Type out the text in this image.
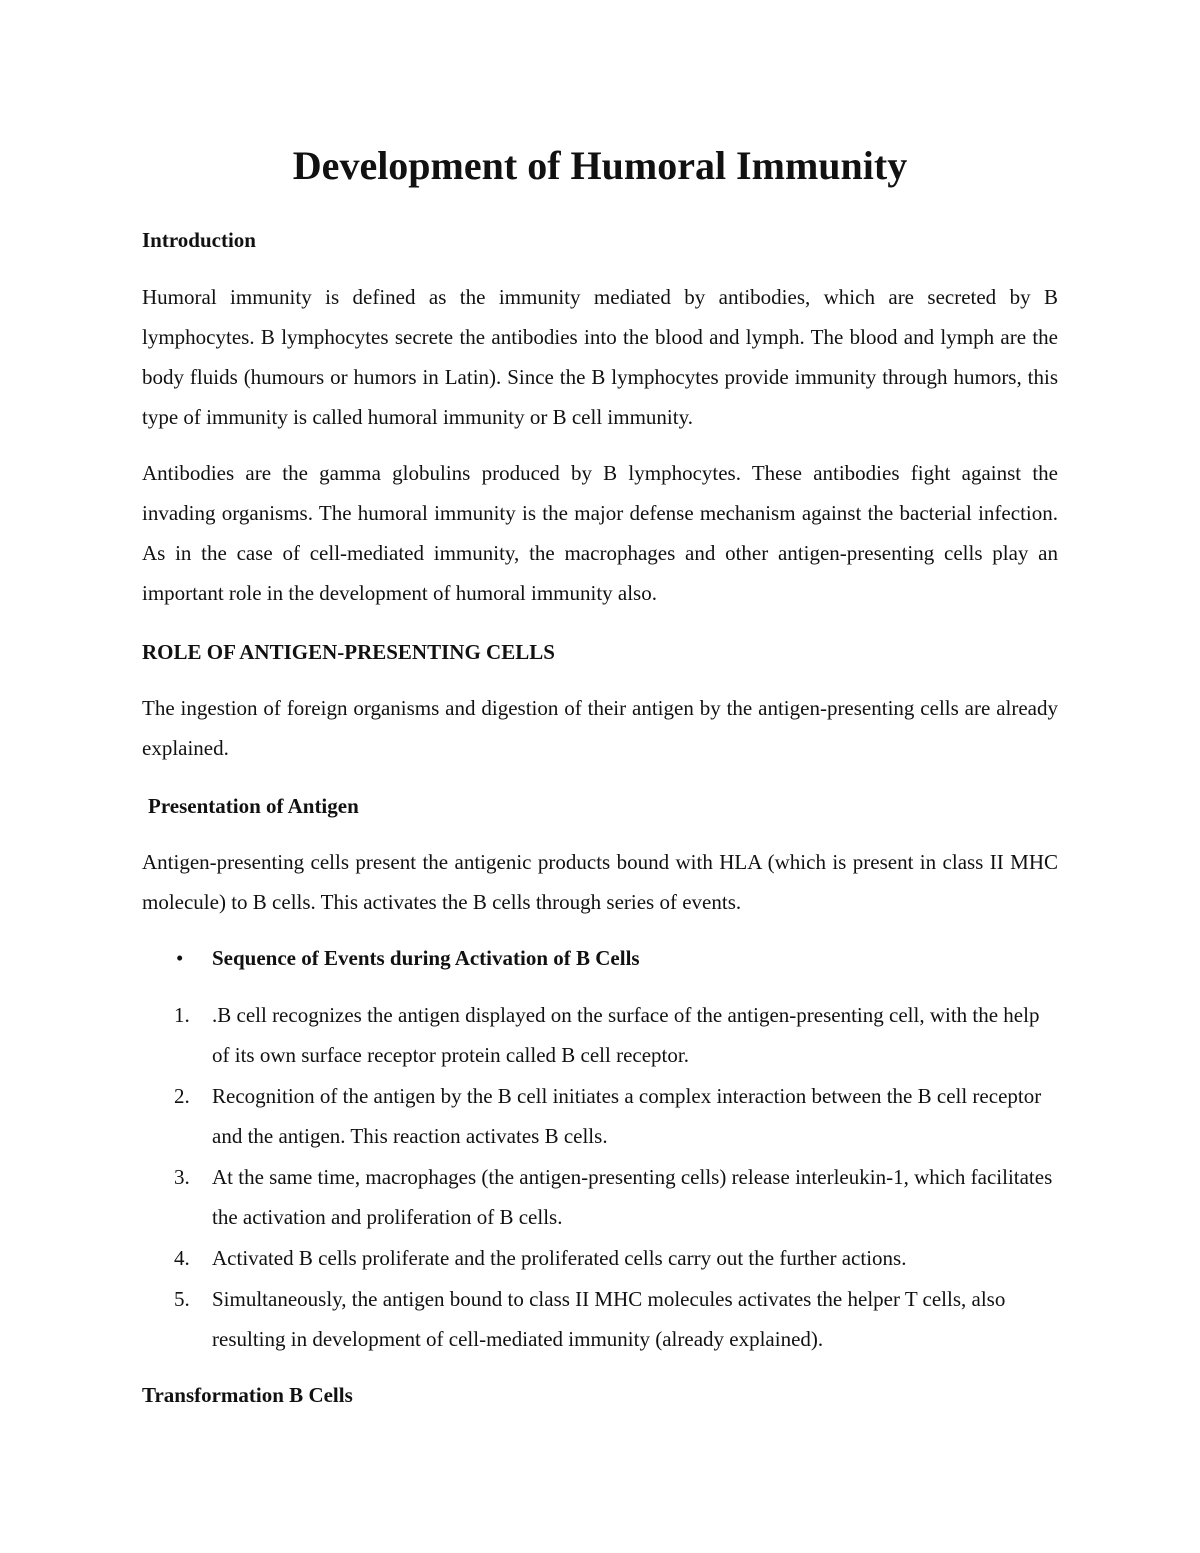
Development of Humoral Immunity
Introduction

Humoral immunity is defined as the immunity mediated by antibodies, which are secreted by B lymphocytes. B lymphocytes secrete the antibodies into the blood and lymph. The blood and lymph are the body fluids (humours or humors in Latin). Since the B lymphocytes provide immunity through humors, this type of immunity is called humoral immunity or B cell immunity.

Antibodies are the gamma globulins produced by B lymphocytes. These antibodies fight against the invading organisms. The humoral immunity is the major defense mechanism against the bacterial infection. As in the case of cell-mediated immunity, the macrophages and other antigen-presenting cells play an important role in the development of humoral immunity also.

ROLE OF ANTIGEN-PRESENTING CELLS

The ingestion of foreign organisms and digestion of their antigen by the antigen-presenting cells are already explained.

Presentation of Antigen

Antigen-presenting cells present the antigenic products bound with HLA (which is present in class II MHC molecule) to B cells. This activates the B cells through series of events.

• Sequence of Events during Activation of B Cells
1.	.B cell recognizes the antigen displayed on the surface of the antigen-presenting cell, with the help of its own surface receptor protein called B cell receptor.

2.	Recognition of the antigen by the B cell initiates a complex interaction between the B cell receptor and the antigen. This reaction activates B cells.

3.	At the same time, macrophages (the antigen-presenting cells) release interleukin-1, which facilitates the activation and proliferation of B cells.

4.	Activated B cells proliferate and the proliferated cells carry out the further actions.

5.	Simultaneously, the antigen bound to class II MHC molecules activates the helper T cells, also resulting in development of cell-mediated immunity (already explained).

Transformation B Cells
